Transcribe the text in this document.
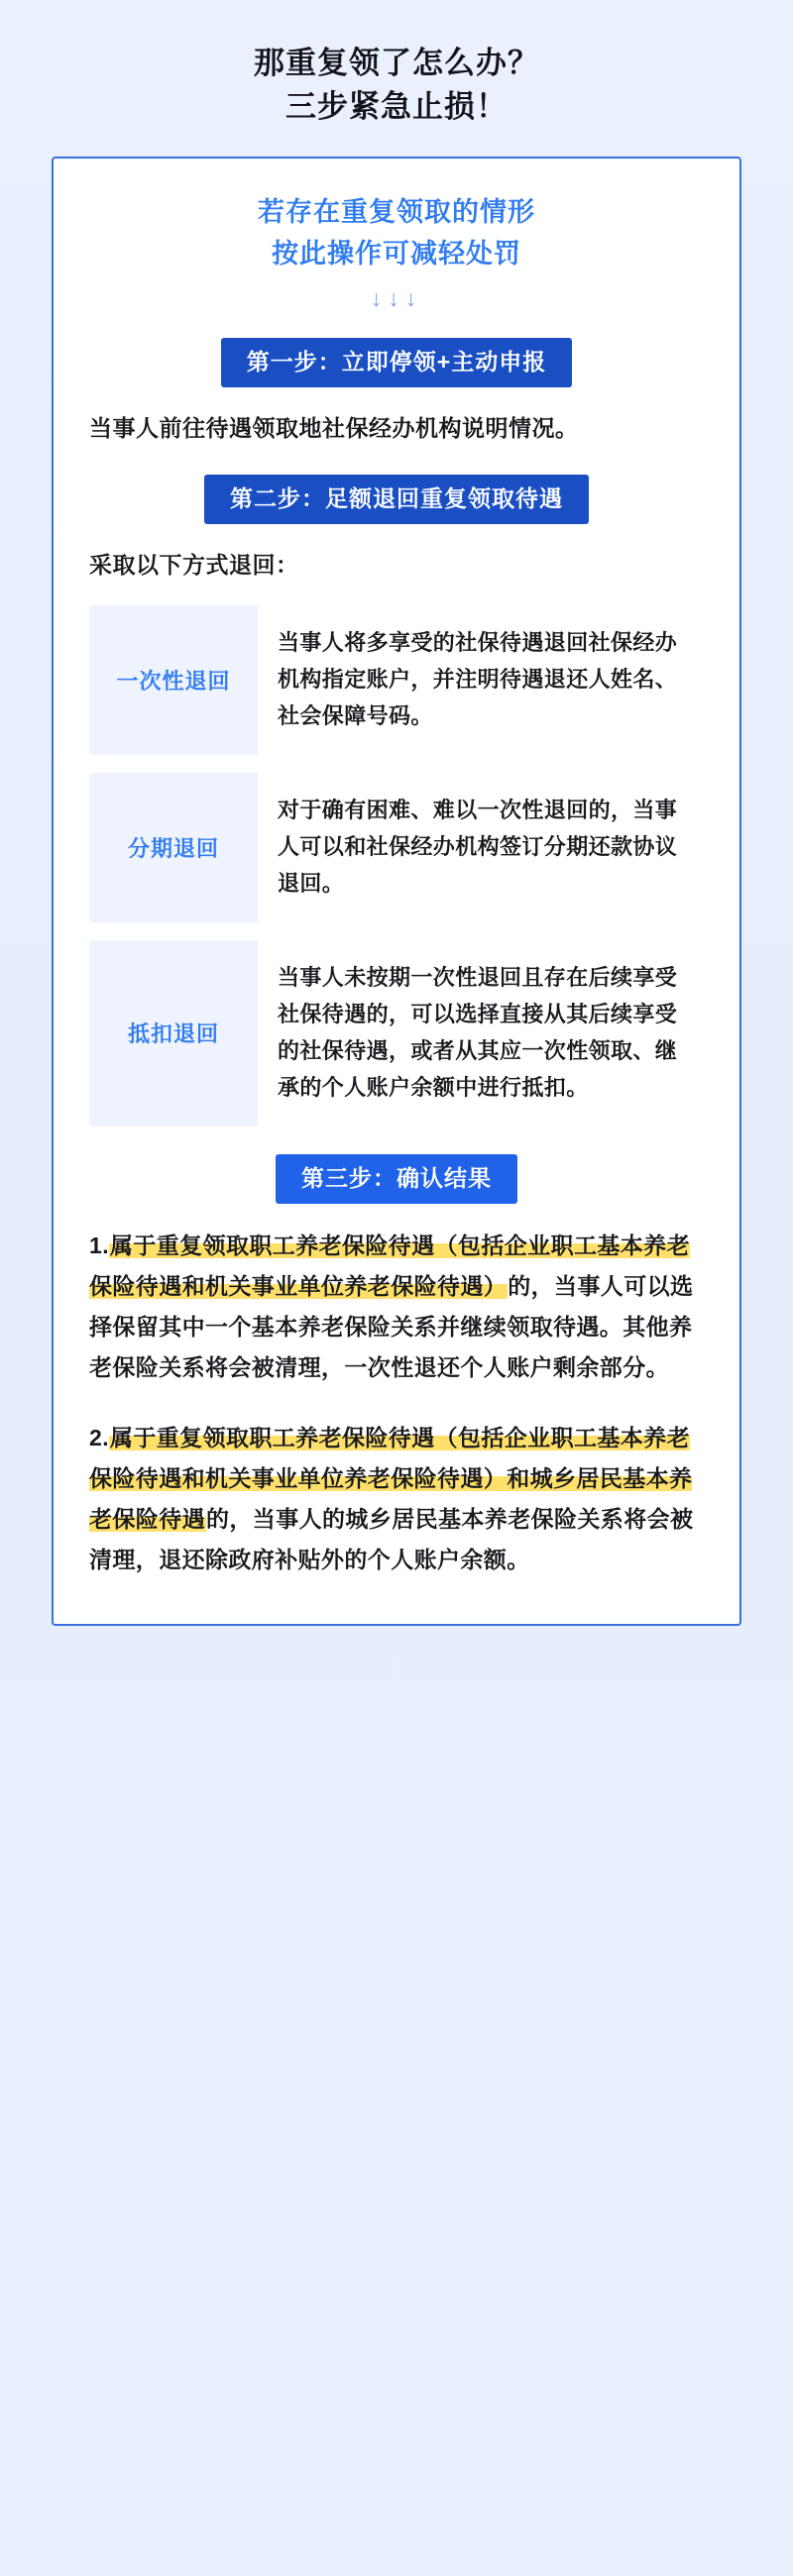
那重复领了怎么办？
三步紧急止损！
若存在重复领取的情形
按此操作可减轻处罚
↓↓↓
第一步：立即停领+主动申报

当事人前往待遇领取地社保经办机构说明情况。

第二步：足额退回重复领取待遇

采取以下方式退回：

一次性退回
当事人将多享受的社保待遇退回社保经办机构指定账户，并注明待遇退还人姓名、社会保障号码。
分期退回
对于确有困难、难以一次性退回的，当事人可以和社保经办机构签订分期还款协议退回。
抵扣退回
当事人未按期一次性退回且存在后续享受社保待遇的，可以选择直接从其后续享受的社保待遇，或者从其应一次性领取、继承的个人账户余额中进行抵扣。
第三步：确认结果

1.属于重复领取职工养老保险待遇（包括企业职工基本养老保险待遇和机关事业单位养老保险待遇）的，当事人可以选择保留其中一个基本养老保险关系并继续领取待遇。其他养老保险关系将会被清理，一次性退还个人账户剩余部分。

2.属于重复领取职工养老保险待遇（包括企业职工基本养老保险待遇和机关事业单位养老保险待遇）和城乡居民基本养老保险待遇的，当事人的城乡居民基本养老保险关系将会被清理，退还除政府补贴外的个人账户余额。
